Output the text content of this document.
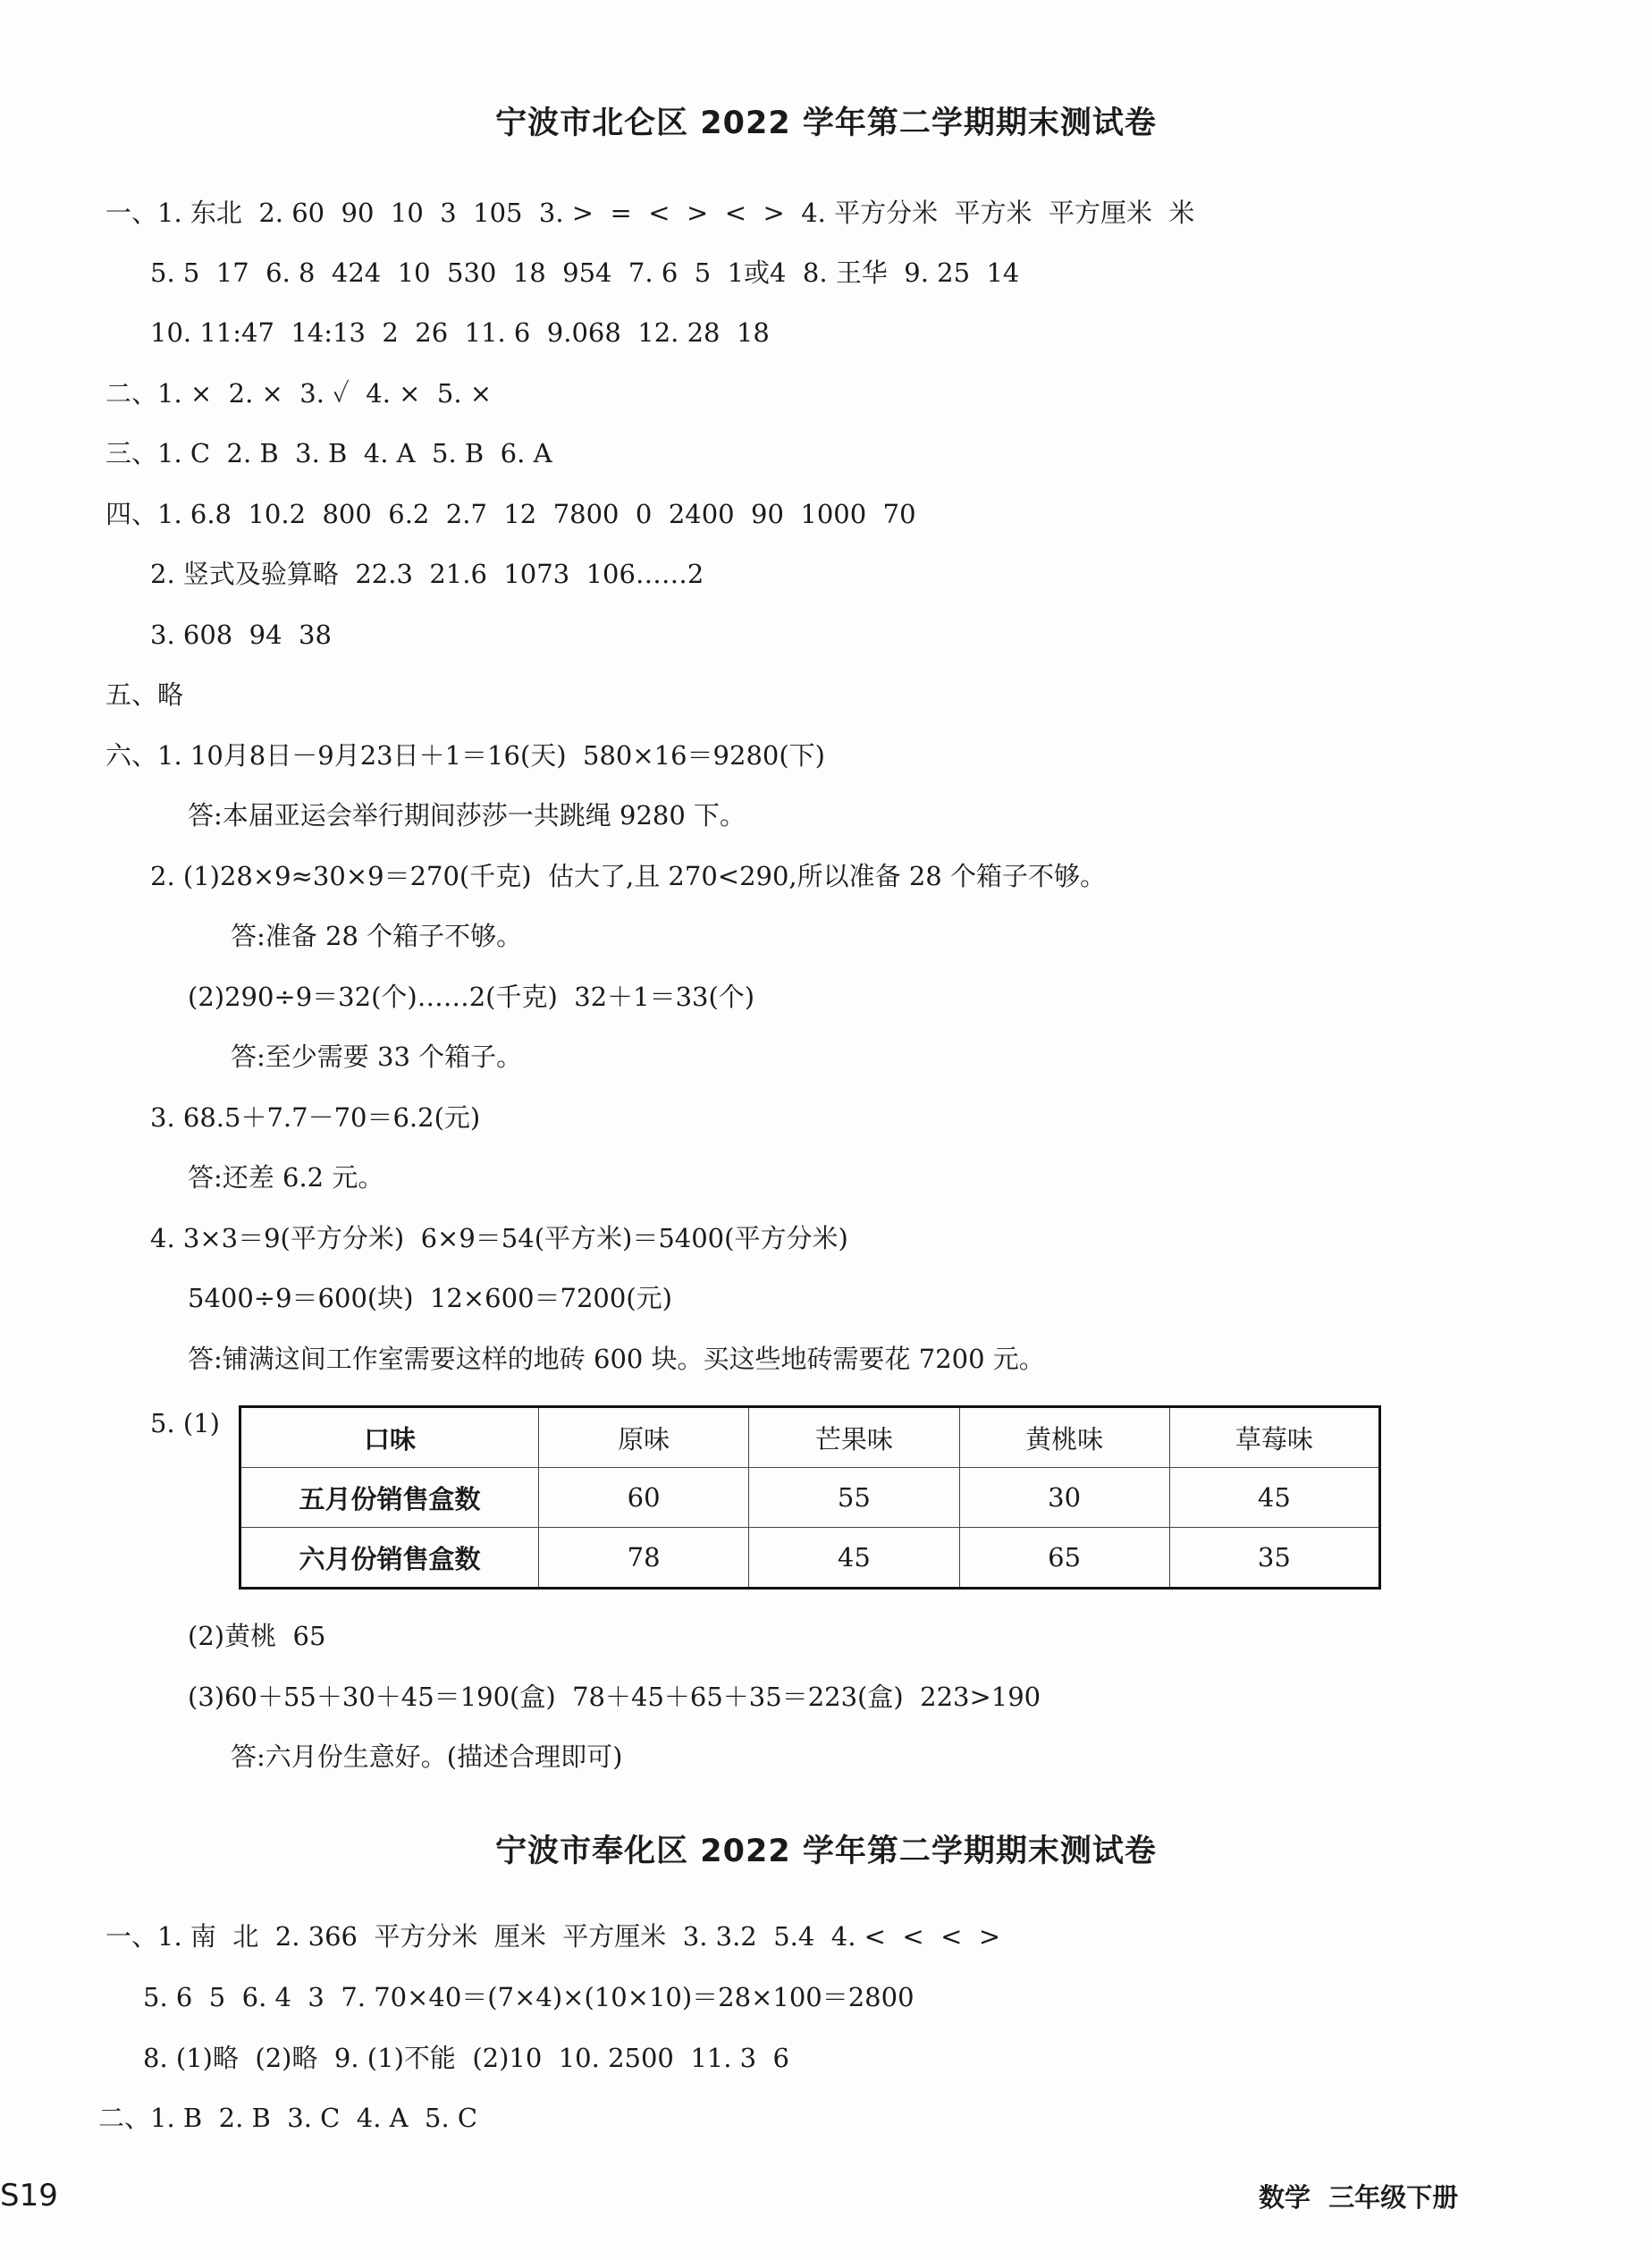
宁波市北仑区 2022 学年第二学期期末测试卷
一、1. 东北  2. 60  90  10  3  105  3. >  =  <  >  <  >  4. 平方分米  平方米  平方厘米  米
5. 5  17  6. 8  424  10  530  18  954  7. 6  5  1或4  8. 王华  9. 25  14
10. 11:47  14:13  2  26  11. 6  9.068  12. 28  18
二、1. ×  2. ×  3. ✓  4. ×  5. ×
三、1. C  2. B  3. B  4. A  5. B  6. A
四、1. 6.8  10.2  800  6.2  2.7  12  7800  0  2400  90  1000  70
2. 竖式及验算略  22.3  21.6  1073  106……2
3. 608  94  38
五、略
六、1. 10月8日－9月23日＋1＝16(天)  580×16＝9280(下)
答:本届亚运会举行期间莎莎一共跳绳 9280 下。
2. (1)28×9≈30×9＝270(千克)  估大了,且 270<290,所以准备 28 个箱子不够。
答:准备 28 个箱子不够。
(2)290÷9＝32(个)……2(千克)  32＋1＝33(个)
答:至少需要 33 个箱子。
3. 68.5＋7.7－70＝6.2(元)
答:还差 6.2 元。
4. 3×3＝9(平方分米)  6×9＝54(平方米)＝5400(平方分米)
5400÷9＝600(块)  12×600＝7200(元)
答:铺满这间工作室需要这样的地砖 600 块。买这些地砖需要花 7200 元。
5. (1)
口味	原味	芒果味	黄桃味	草莓味
五月份销售盒数	60	55	30	45
六月份销售盒数	78	45	65	35
(2)黄桃  65
(3)60＋55＋30＋45＝190(盒)  78＋45＋65＋35＝223(盒)  223>190
答:六月份生意好。(描述合理即可)
宁波市奉化区 2022 学年第二学期期末测试卷
一、1. 南  北  2. 366  平方分米  厘米  平方厘米  3. 3.2  5.4  4. <  <  <  >
5. 6  5  6. 4  3  7. 70×40＝(7×4)×(10×10)＝28×100＝2800
8. (1)略  (2)略  9. (1)不能  (2)10  10. 2500  11. 3  6
二、1. B  2. B  3. C  4. A  5. C
S19	数学  三年级下册
